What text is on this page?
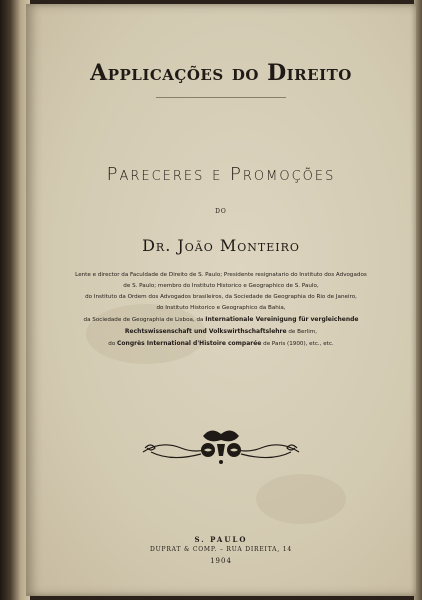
Applicações do Direito
Pareceres e Promoções
DO
Dr. João Monteiro
Lente e director da Faculdade de Direito de S. Paulo; Presidente resignatario do Instituto dos Advogados
de S. Paulo; membro do Instituto Historico e Geographico de S. Paulo,
do Instituto da Ordem dos Advogados brasileiros, da Sociedade de Geographia do Rio de Janeiro,
do Instituto Historico e Geographico da Bahia,
da Sociedade de Geographia de Lisboa, da Internationale Vereinigung für vergleichende
Rechtswissenschaft und Volkswirthschaftslehre de Berlim,
do Congrès International d'Histoire comparée de Paris (1900), etc., etc.
S. PAULO
DUPRAT & COMP. – RUA DIREITA, 14
1904
